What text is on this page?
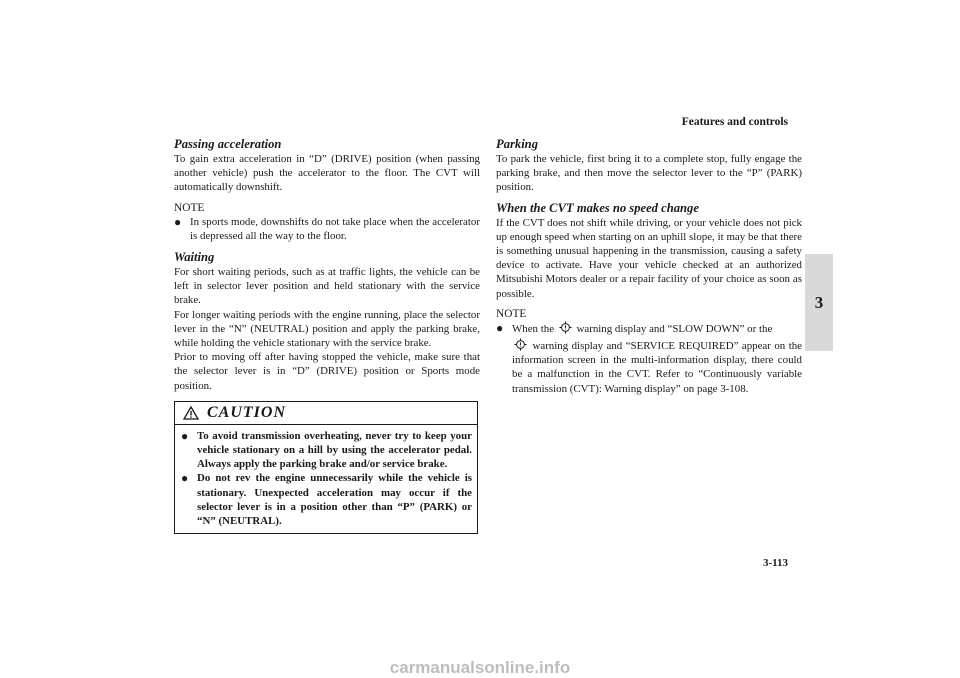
Features and controls
3
Passing acceleration
To gain extra acceleration in “D” (DRIVE) position (when passing another vehicle) push the accelerator to the floor. The CVT will automatically downshift.
NOTE
● In sports mode, downshifts do not take place when the accelerator is depressed all the way to the floor.
Waiting
For short waiting periods, such as at traffic lights, the vehicle can be left in selector lever position and held stationary with the service brake.
For longer waiting periods with the engine running, place the selector lever in the “N” (NEUTRAL) position and apply the parking brake, while holding the vehicle stationary with the service brake.
Prior to moving off after having stopped the vehicle, make sure that the selector lever is in “D” (DRIVE) position or Sports mode position.
CAUTION
● To avoid transmission overheating, never try to keep your vehicle stationary on a hill by using the accelerator pedal. Always apply the parking brake and/or service brake.
● Do not rev the engine unnecessarily while the vehicle is stationary. Unexpected acceleration may occur if the selector lever is in a position other than “P” (PARK) or “N” (NEUTRAL).
Parking
To park the vehicle, first bring it to a complete stop, fully engage the parking brake, and then move the selector lever to the “P” (PARK) position.
When the CVT makes no speed change
If the CVT does not shift while driving, or your vehicle does not pick up enough speed when starting on an uphill slope, it may be that there is something unusual happening in the transmission, causing a safety device to activate. Have your vehicle checked at an authorized Mitsubishi Motors dealer or a repair facility of your choice as soon as possible.
NOTE
● When the warning display and “SLOW DOWN” or the
warning display and “SERVICE REQUIRED” appear on the information screen in the multi-information display, there could be a malfunction in the CVT. Refer to “Continuously variable transmission (CVT): Warning display” on page 3-108.
3-113
carmanualsonline.info
